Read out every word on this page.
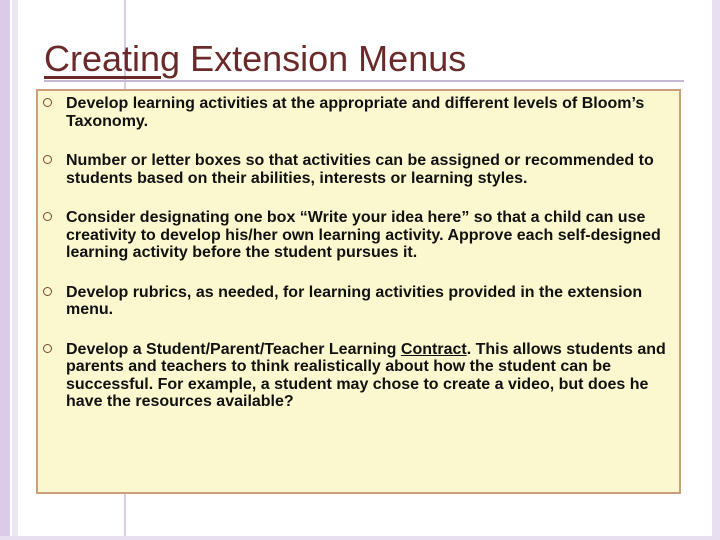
Creating Extension Menus
Develop learning activities at the appropriate and different levels of Bloom’s Taxonomy.
Number or letter boxes so that activities can be assigned or recommended to students based on their abilities, interests or learning styles.
Consider designating one box “Write your idea here” so that a child can use creativity to develop his/her own learning activity. Approve each self-designed learning activity before the student pursues it.
Develop rubrics, as needed, for learning activities provided in the extension menu.
Develop a Student/Parent/Teacher Learning Contract. This allows students and parents and teachers to think realistically about how the student can be successful. For example, a student may chose to create a video, but does he have the resources available?
